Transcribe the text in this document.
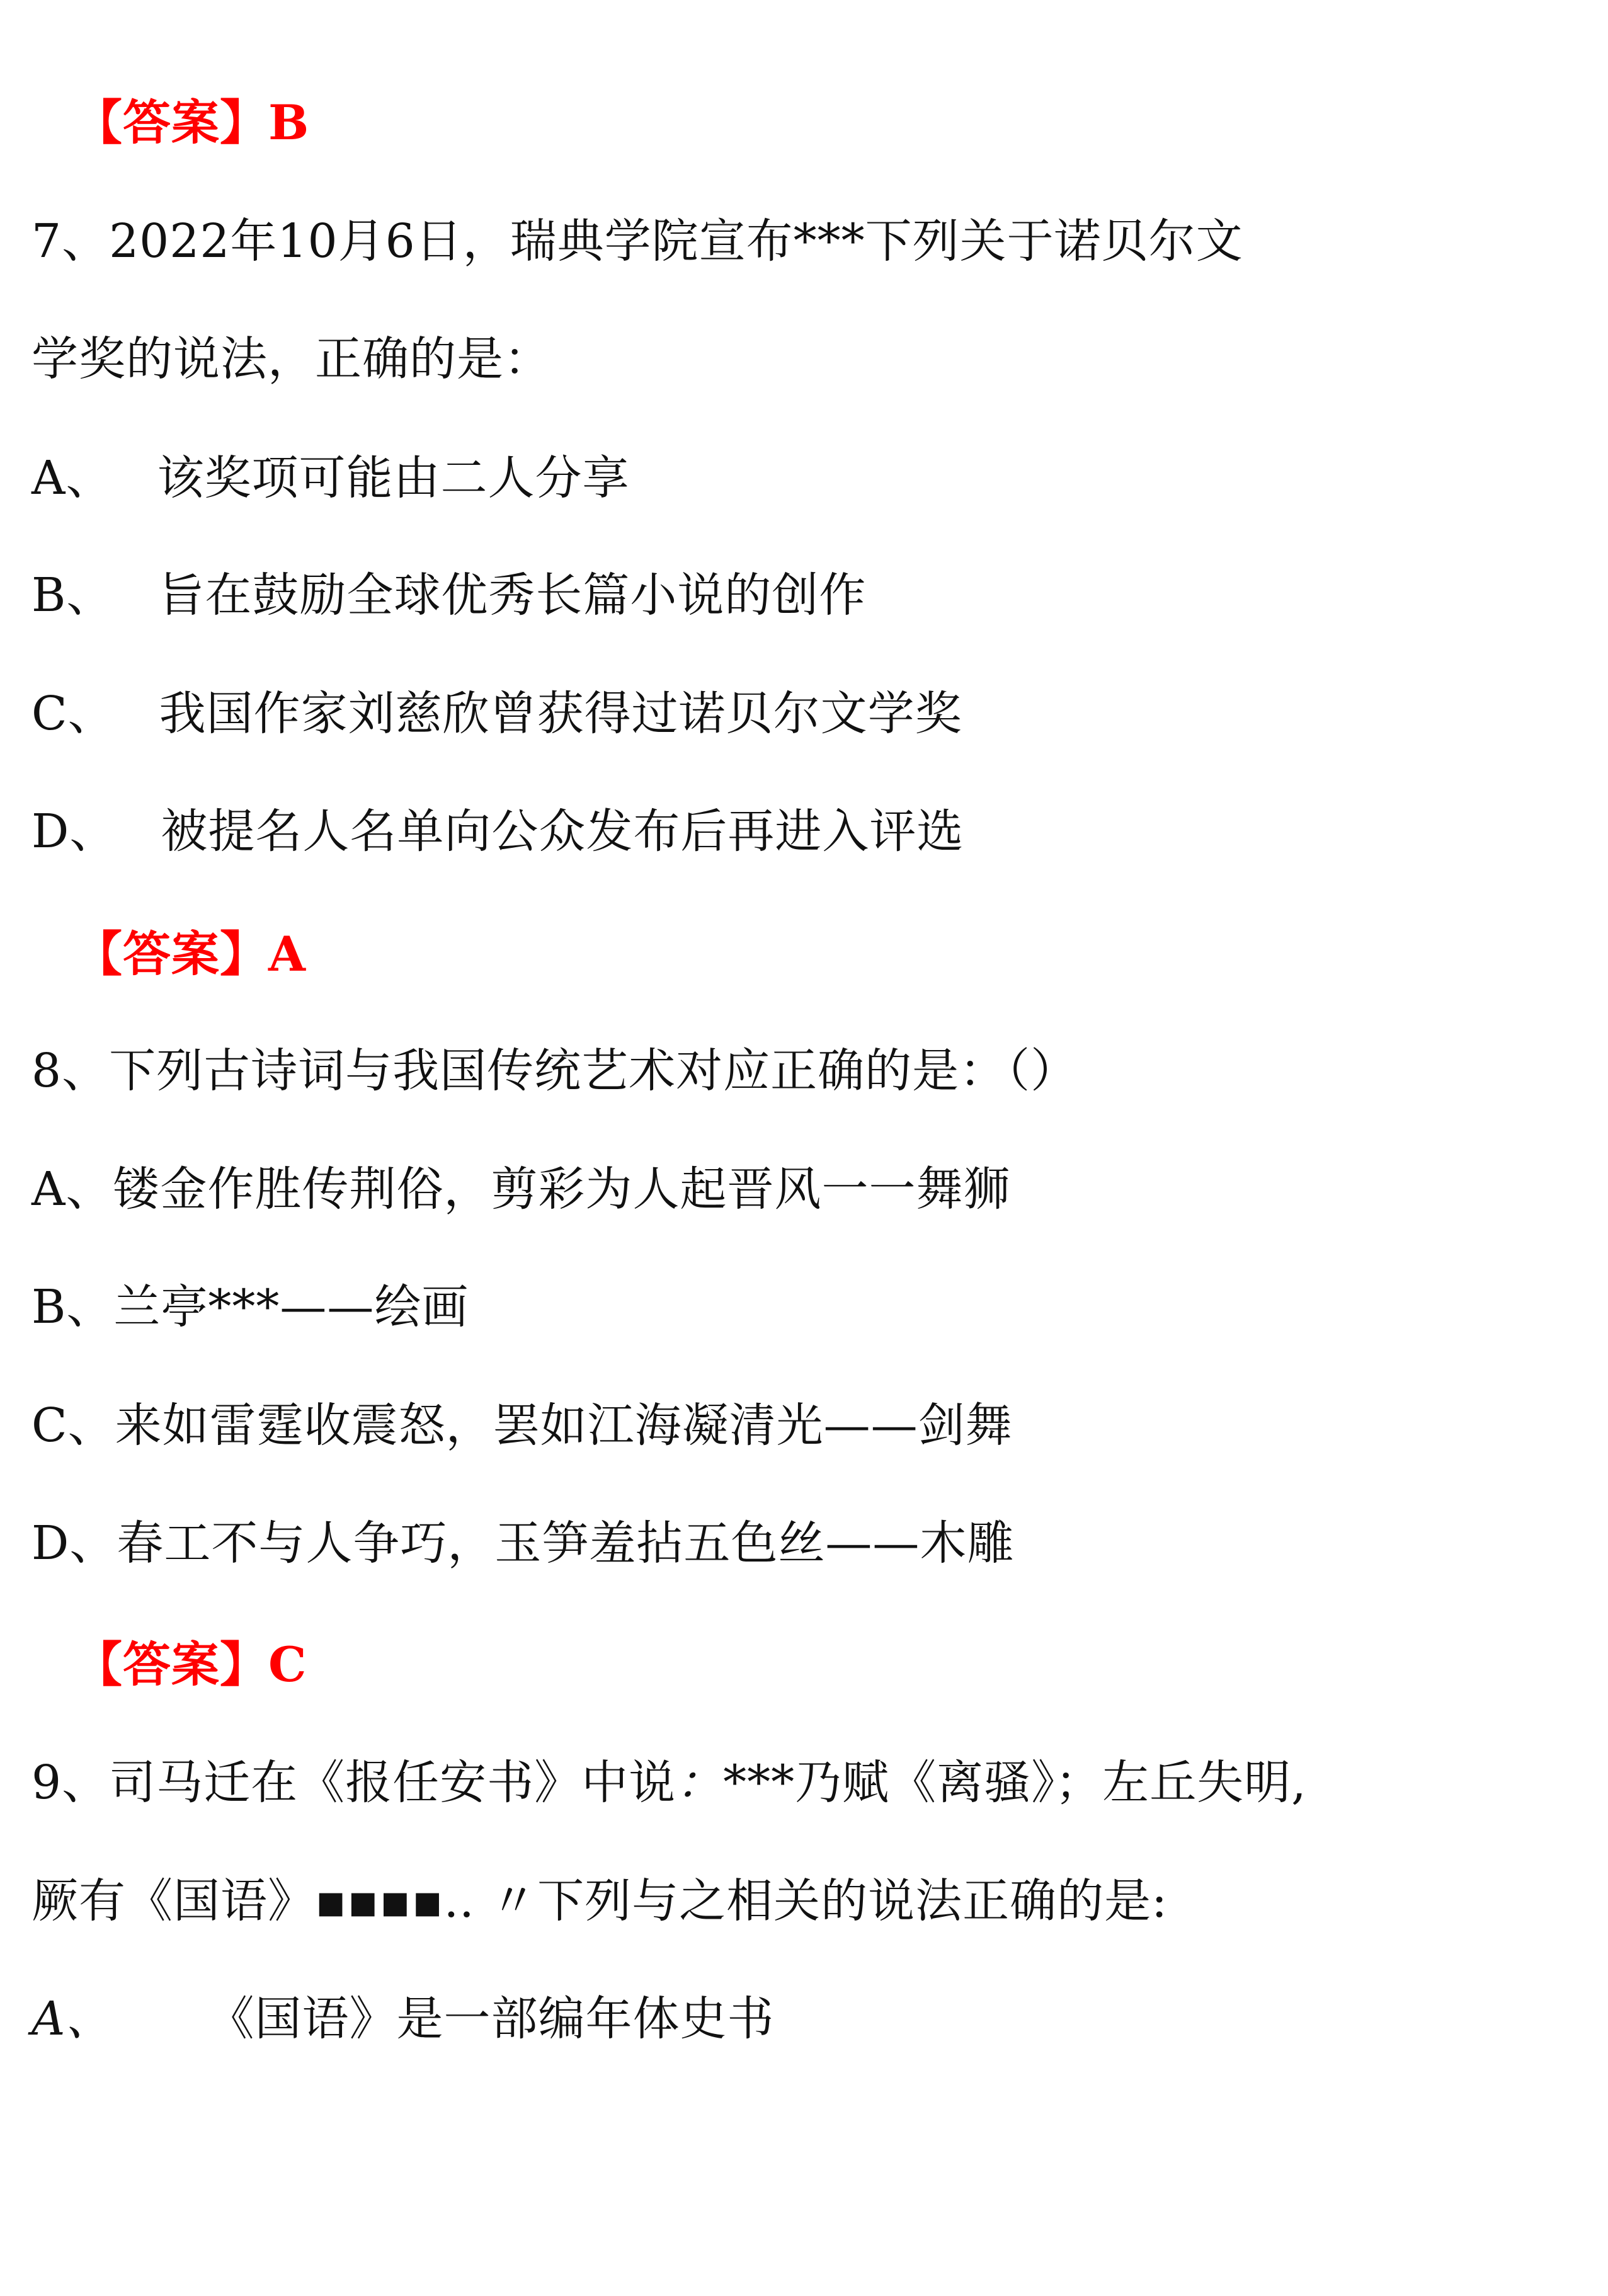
【答案】B
7、2022年10月6日，瑞典学院宣布***下列关于诺贝尔文
学奖的说法，正确的是：
A、 该奖项可能由二人分享
B、 旨在鼓励全球优秀长篇小说的创作
C、 我国作家刘慈欣曾获得过诺贝尔文学奖
D、 被提名人名单向公众发布后再进入评选
【答案】A
8、下列古诗词与我国传统艺术对应正确的是：（）
A、镂金作胜传荆俗，剪彩为人起晋风一一舞狮
B、兰亭***——绘画
C、来如雷霆收震怒，罢如江海凝清光——剑舞
D、春工不与人争巧，玉笋羞拈五色丝——木雕
【答案】C
9、司马迁在《报任安书》中说：***乃赋《离骚》；左丘失明,
厥有《国语》▪▪▪▪.. 〃下列与之相关的说法正确的是:
A、 《国语》是一部编年体史书
